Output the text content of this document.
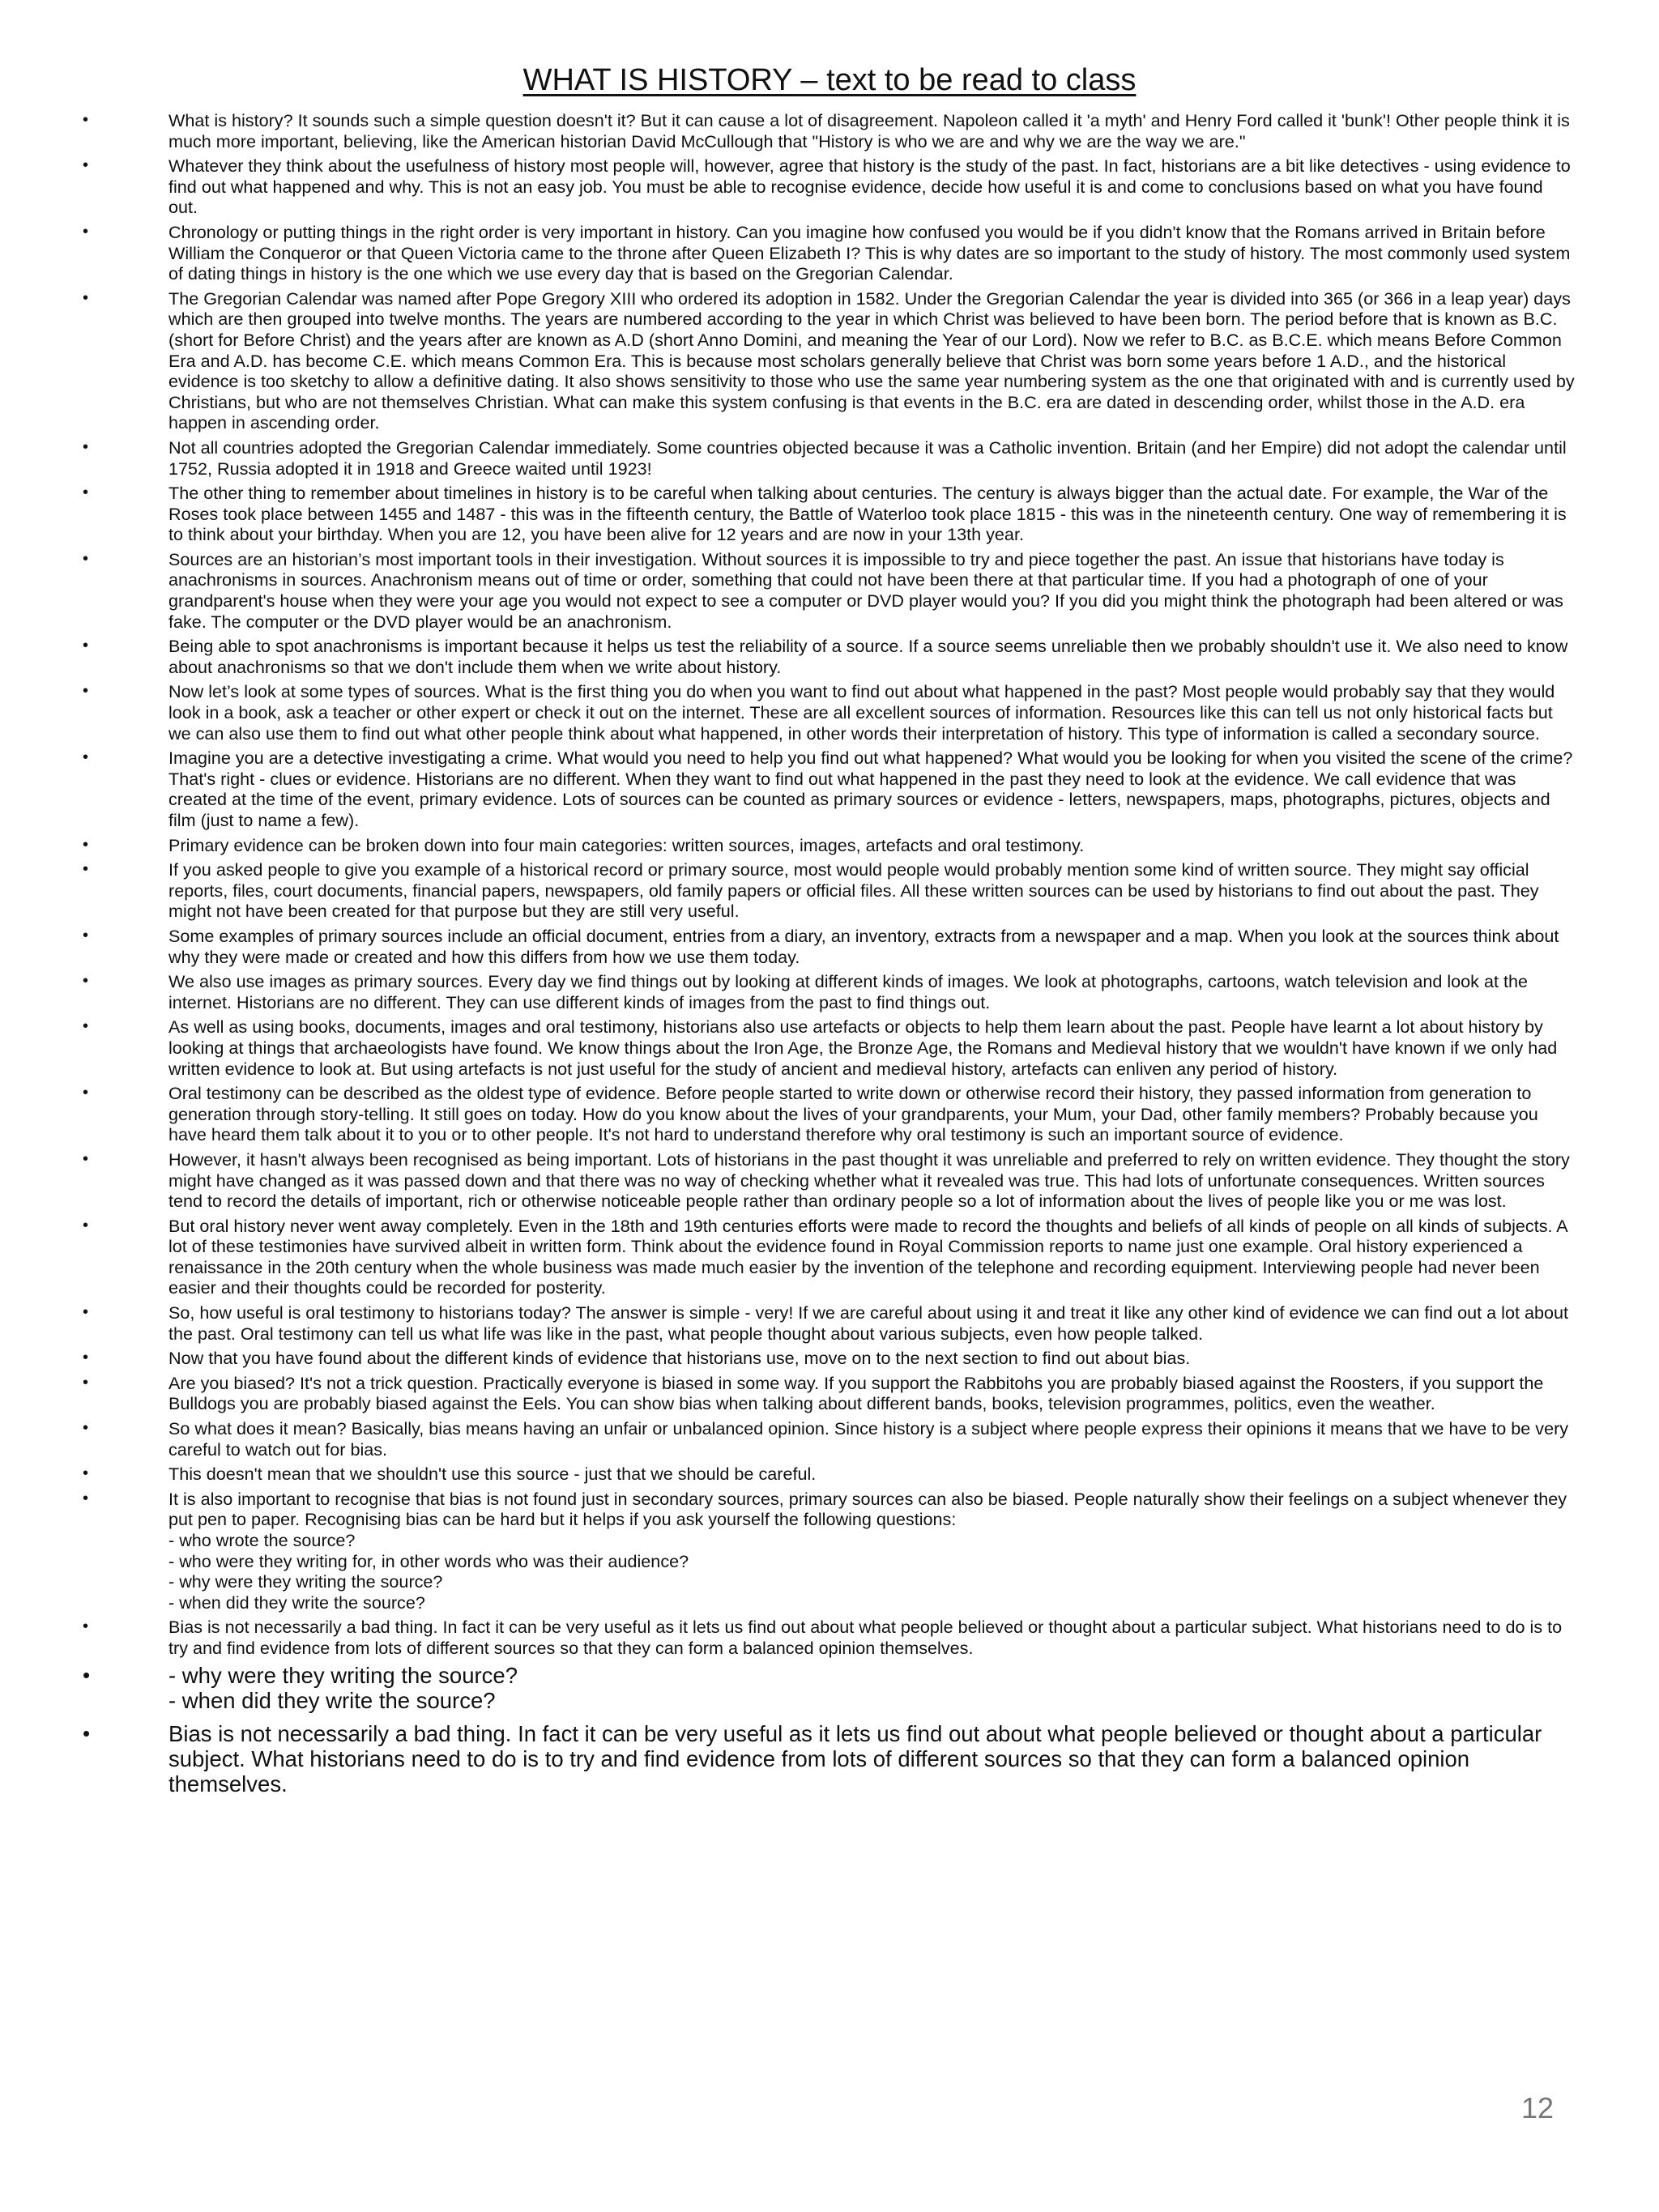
WHAT IS HISTORY – text to be read to class
•	What is history? It sounds such a simple question doesn't it? But it can cause a lot of disagreement. Napoleon called it 'a myth' and Henry Ford called it 'bunk'! Other people think it is much more important, believing, like the American historian David McCullough that "History is who we are and why we are the way we are."
•	Whatever they think about the usefulness of history most people will, however, agree that history is the study of the past. In fact, historians are a bit like detectives - using evidence to find out what happened and why. This is not an easy job. You must be able to recognise evidence, decide how useful it is and come to conclusions based on what you have found out.
•	Chronology or putting things in the right order is very important in history. Can you imagine how confused you would be if you didn't know that the Romans arrived in Britain before William the Conqueror or that Queen Victoria came to the throne after Queen Elizabeth I? This is why dates are so important to the study of history. The most commonly used system of dating things in history is the one which we use every day that is based on the Gregorian Calendar.
•	The Gregorian Calendar was named after Pope Gregory XIII who ordered its adoption in 1582. Under the Gregorian Calendar the year is divided into 365 (or 366 in a leap year) days which are then grouped into twelve months. The years are numbered according to the year in which Christ was believed to have been born. The period before that is known as B.C. (short for Before Christ) and the years after are known as A.D (short Anno Domini, and meaning the Year of our Lord). Now we refer to B.C. as B.C.E. which means Before Common Era and A.D. has become C.E. which means Common Era. This is because most scholars generally believe that Christ was born some years before 1 A.D., and the historical evidence is too sketchy to allow a definitive dating. It also shows sensitivity to those who use the same year numbering system as the one that originated with and is currently used by Christians, but who are not themselves Christian. What can make this system confusing is that events in the B.C. era are dated in descending order, whilst those in the A.D. era happen in ascending order.
•	Not all countries adopted the Gregorian Calendar immediately. Some countries objected because it was a Catholic invention. Britain (and her Empire) did not adopt the calendar until 1752, Russia adopted it in 1918 and Greece waited until 1923!
•	The other thing to remember about timelines in history is to be careful when talking about centuries. The century is always bigger than the actual date. For example, the War of the Roses took place between 1455 and 1487 - this was in the fifteenth century, the Battle of Waterloo took place 1815 - this was in the nineteenth century. One way of remembering it is to think about your birthday. When you are 12, you have been alive for 12 years and are now in your 13th year.
•	Sources are an historian’s most important tools in their investigation. Without sources it is impossible to try and piece together the past. An issue that historians have today is anachronisms in sources. Anachronism means out of time or order, something that could not have been there at that particular time. If you had a photograph of one of your grandparent's house when they were your age you would not expect to see a computer or DVD player would you? If you did you might think the photograph had been altered or was fake. The computer or the DVD player would be an anachronism.
•	Being able to spot anachronisms is important because it helps us test the reliability of a source. If a source seems unreliable then we probably shouldn't use it. We also need to know about anachronisms so that we don't include them when we write about history.
•	Now let’s look at some types of sources. What is the first thing you do when you want to find out about what happened in the past? Most people would probably say that they would look in a book, ask a teacher or other expert or check it out on the internet. These are all excellent sources of information. Resources like this can tell us not only historical facts but we can also use them to find out what other people think about what happened, in other words their interpretation of history. This type of information is called a secondary source.
•	Imagine you are a detective investigating a crime. What would you need to help you find out what happened? What would you be looking for when you visited the scene of the crime? That's right - clues or evidence. Historians are no different. When they want to find out what happened in the past they need to look at the evidence. We call evidence that was created at the time of the event, primary evidence. Lots of sources can be counted as primary sources or evidence - letters, newspapers, maps, photographs, pictures, objects and film (just to name a few).
•	Primary evidence can be broken down into four main categories: written sources, images, artefacts and oral testimony.
•	If you asked people to give you example of a historical record or primary source, most would people would probably mention some kind of written source. They might say official reports, files, court documents, financial papers, newspapers, old family papers or official files. All these written sources can be used by historians to find out about the past. They might not have been created for that purpose but they are still very useful.
•	Some examples of primary sources include an official document, entries from a diary, an inventory, extracts from a newspaper and a map. When you look at the sources think about why they were made or created and how this differs from how we use them today.
•	We also use images as primary sources. Every day we find things out by looking at different kinds of images. We look at photographs, cartoons, watch television and look at the internet. Historians are no different. They can use different kinds of images from the past to find things out.
•	As well as using books, documents, images and oral testimony, historians also use artefacts or objects to help them learn about the past. People have learnt a lot about history by looking at things that archaeologists have found. We know things about the Iron Age, the Bronze Age, the Romans and Medieval history that we wouldn't have known if we only had written evidence to look at. But using artefacts is not just useful for the study of ancient and medieval history, artefacts can enliven any period of history.
•	Oral testimony can be described as the oldest type of evidence. Before people started to write down or otherwise record their history, they passed information from generation to generation through story-telling. It still goes on today. How do you know about the lives of your grandparents, your Mum, your Dad, other family members? Probably because you have heard them talk about it to you or to other people. It's not hard to understand therefore why oral testimony is such an important source of evidence.
•	However, it hasn't always been recognised as being important. Lots of historians in the past thought it was unreliable and preferred to rely on written evidence. They thought the story might have changed as it was passed down and that there was no way of checking whether what it revealed was true. This had lots of unfortunate consequences. Written sources tend to record the details of important, rich or otherwise noticeable people rather than ordinary people so a lot of information about the lives of people like you or me was lost.
•	But oral history never went away completely. Even in the 18th and 19th centuries efforts were made to record the thoughts and beliefs of all kinds of people on all kinds of subjects. A lot of these testimonies have survived albeit in written form. Think about the evidence found in Royal Commission reports to name just one example. Oral history experienced a renaissance in the 20th century when the whole business was made much easier by the invention of the telephone and recording equipment. Interviewing people had never been easier and their thoughts could be recorded for posterity.
•	So, how useful is oral testimony to historians today? The answer is simple - very! If we are careful about using it and treat it like any other kind of evidence we can find out a lot about the past. Oral testimony can tell us what life was like in the past, what people thought about various subjects, even how people talked.
•	Now that you have found about the different kinds of evidence that historians use, move on to the next section to find out about bias.
•	Are you biased? It's not a trick question. Practically everyone is biased in some way. If you support the Rabbitohs you are probably biased against the Roosters, if you support the Bulldogs you are probably biased against the Eels. You can show bias when talking about different bands, books, television programmes, politics, even the weather.
•	So what does it mean? Basically, bias means having an unfair or unbalanced opinion. Since history is a subject where people express their opinions it means that we have to be very careful to watch out for bias.
•	This doesn't mean that we shouldn't use this source - just that we should be careful.
•	It is also important to recognise that bias is not found just in secondary sources, primary sources can also be biased. People naturally show their feelings on a subject whenever they put pen to paper. Recognising bias can be hard but it helps if you ask yourself the following questions:
- who wrote the source?
- who were they writing for, in other words who was their audience?
- why were they writing the source?
- when did they write the source?
•	Bias is not necessarily a bad thing. In fact it can be very useful as it lets us find out about what people believed or thought about a particular subject. What historians need to do is to try and find evidence from lots of different sources so that they can form a balanced opinion themselves.
•	- why were they writing the source?
- when did they write the source?
•	Bias is not necessarily a bad thing. In fact it can be very useful as it lets us find out about what people believed or thought about a particular subject. What historians need to do is to try and find evidence from lots of different sources so that they can form a balanced opinion themselves.
12
